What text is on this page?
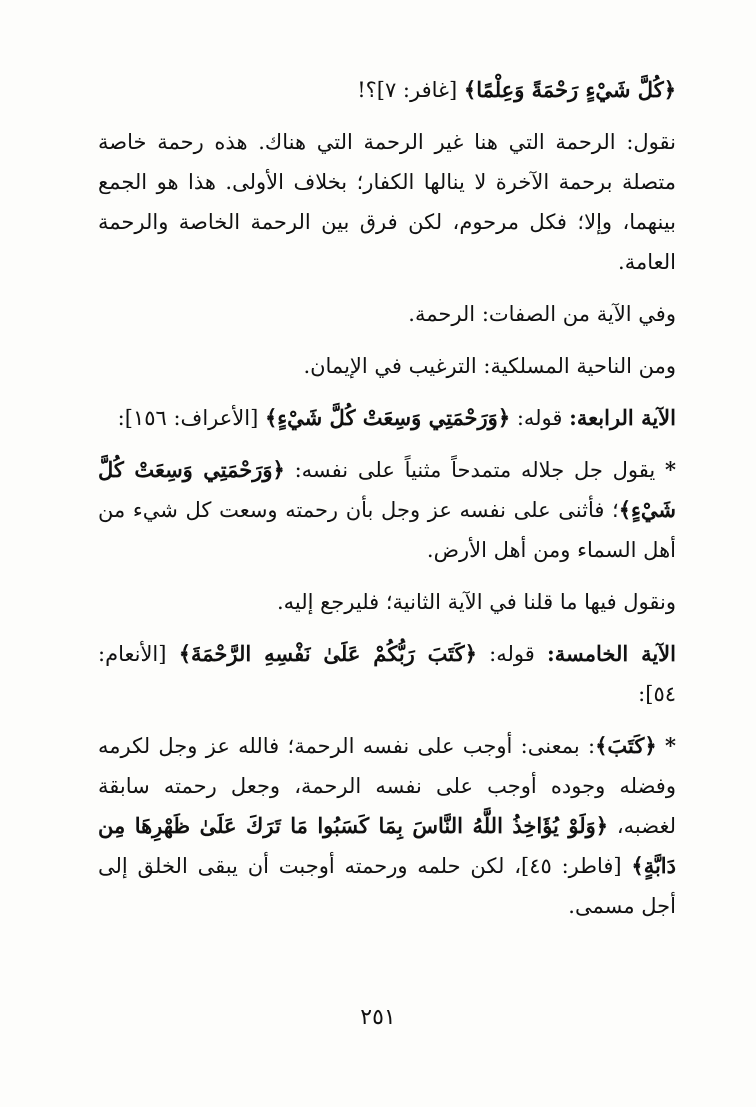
﴿كُلَّ شَيْءٍ رَحْمَةً وَعِلْمًا﴾ [غافر: ٧]؟!

نقول: الرحمة التي هنا غير الرحمة التي هناك. هذه رحمة خاصة متصلة برحمة الآخرة لا ينالها الكفار؛ بخلاف الأولى. هذا هو الجمع بينهما، وإلا؛ فكل مرحوم، لكن فرق بين الرحمة الخاصة والرحمة العامة.

وفي الآية من الصفات: الرحمة.

ومن الناحية المسلكية: الترغيب في الإيمان.

الآية الرابعة: قوله: ﴿وَرَحْمَتِي وَسِعَتْ كُلَّ شَيْءٍ﴾ [الأعراف: ١٥٦]:

* يقول جل جلاله متمدحاً مثنياً على نفسه: ﴿وَرَحْمَتِي وَسِعَتْ كُلَّ شَيْءٍ﴾؛ فأثنى على نفسه عز وجل بأن رحمته وسعت كل شيء من أهل السماء ومن أهل الأرض.

ونقول فيها ما قلنا في الآية الثانية؛ فليرجع إليه.

الآية الخامسة: قوله: ﴿كَتَبَ رَبُّكُمْ عَلَىٰ نَفْسِهِ الرَّحْمَةَ﴾ [الأنعام: ٥٤]:

* ﴿كَتَبَ﴾: بمعنى: أوجب على نفسه الرحمة؛ فالله عز وجل لكرمه وفضله وجوده أوجب على نفسه الرحمة، وجعل رحمته سابقة لغضبه، ﴿وَلَوْ يُؤَاخِذُ اللَّهُ النَّاسَ بِمَا كَسَبُوا مَا تَرَكَ عَلَىٰ ظَهْرِهَا مِن دَابَّةٍ﴾ [فاطر: ٤٥]، لكن حلمه ورحمته أوجبت أن يبقى الخلق إلى أجل مسمى.

٢٥١
